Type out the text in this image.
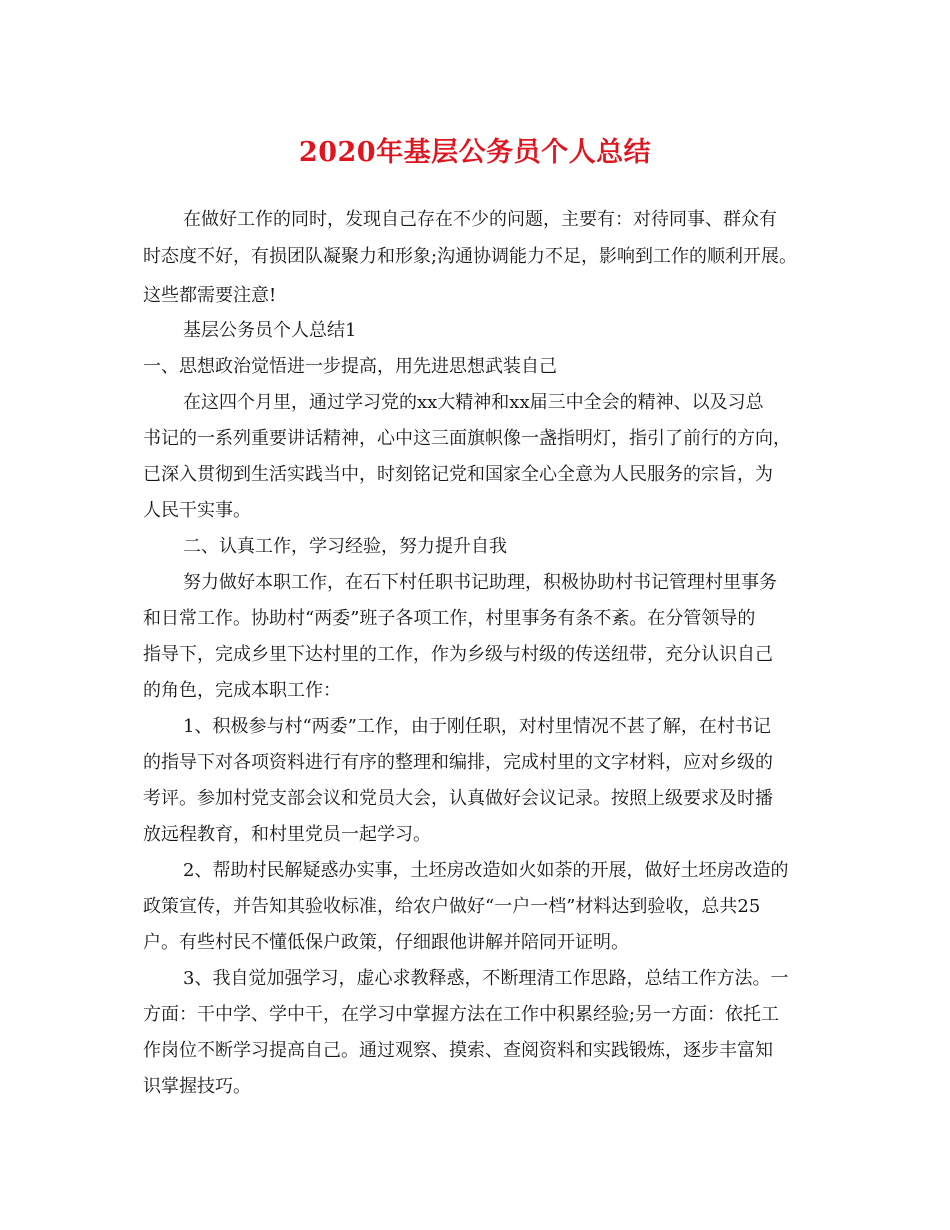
2020年基层公务员个人总结
在做好工作的同时，发现自己存在不少的问题，主要有：对待同事、群众有
时态度不好，有损团队凝聚力和形象;沟通协调能力不足，影响到工作的顺利开展。
这些都需要注意!
基层公务员个人总结1
一、思想政治觉悟进一步提高，用先进思想武装自己
在这四个月里，通过学习党的xx大精神和xx届三中全会的精神、以及习总
书记的一系列重要讲话精神，心中这三面旗帜像一盏指明灯，指引了前行的方向，
已深入贯彻到生活实践当中，时刻铭记党和国家全心全意为人民服务的宗旨，为
人民干实事。
二、认真工作，学习经验，努力提升自我
努力做好本职工作，在石下村任职书记助理，积极协助村书记管理村里事务
和日常工作。协助村“两委”班子各项工作，村里事务有条不紊。在分管领导的
指导下，完成乡里下达村里的工作，作为乡级与村级的传送纽带，充分认识自己
的角色，完成本职工作：
1、积极参与村“两委”工作，由于刚任职，对村里情况不甚了解，在村书记
的指导下对各项资料进行有序的整理和编排，完成村里的文字材料，应对乡级的
考评。参加村党支部会议和党员大会，认真做好会议记录。按照上级要求及时播
放远程教育，和村里党员一起学习。
2、帮助村民解疑惑办实事，土坯房改造如火如荼的开展，做好土坯房改造的
政策宣传，并告知其验收标准，给农户做好“一户一档”材料达到验收，总共25
户。有些村民不懂低保户政策，仔细跟他讲解并陪同开证明。
3、我自觉加强学习，虚心求教释惑，不断理清工作思路，总结工作方法。一
方面：干中学、学中干，在学习中掌握方法在工作中积累经验;另一方面：依托工
作岗位不断学习提高自己。通过观察、摸索、查阅资料和实践锻炼，逐步丰富知
识掌握技巧。
